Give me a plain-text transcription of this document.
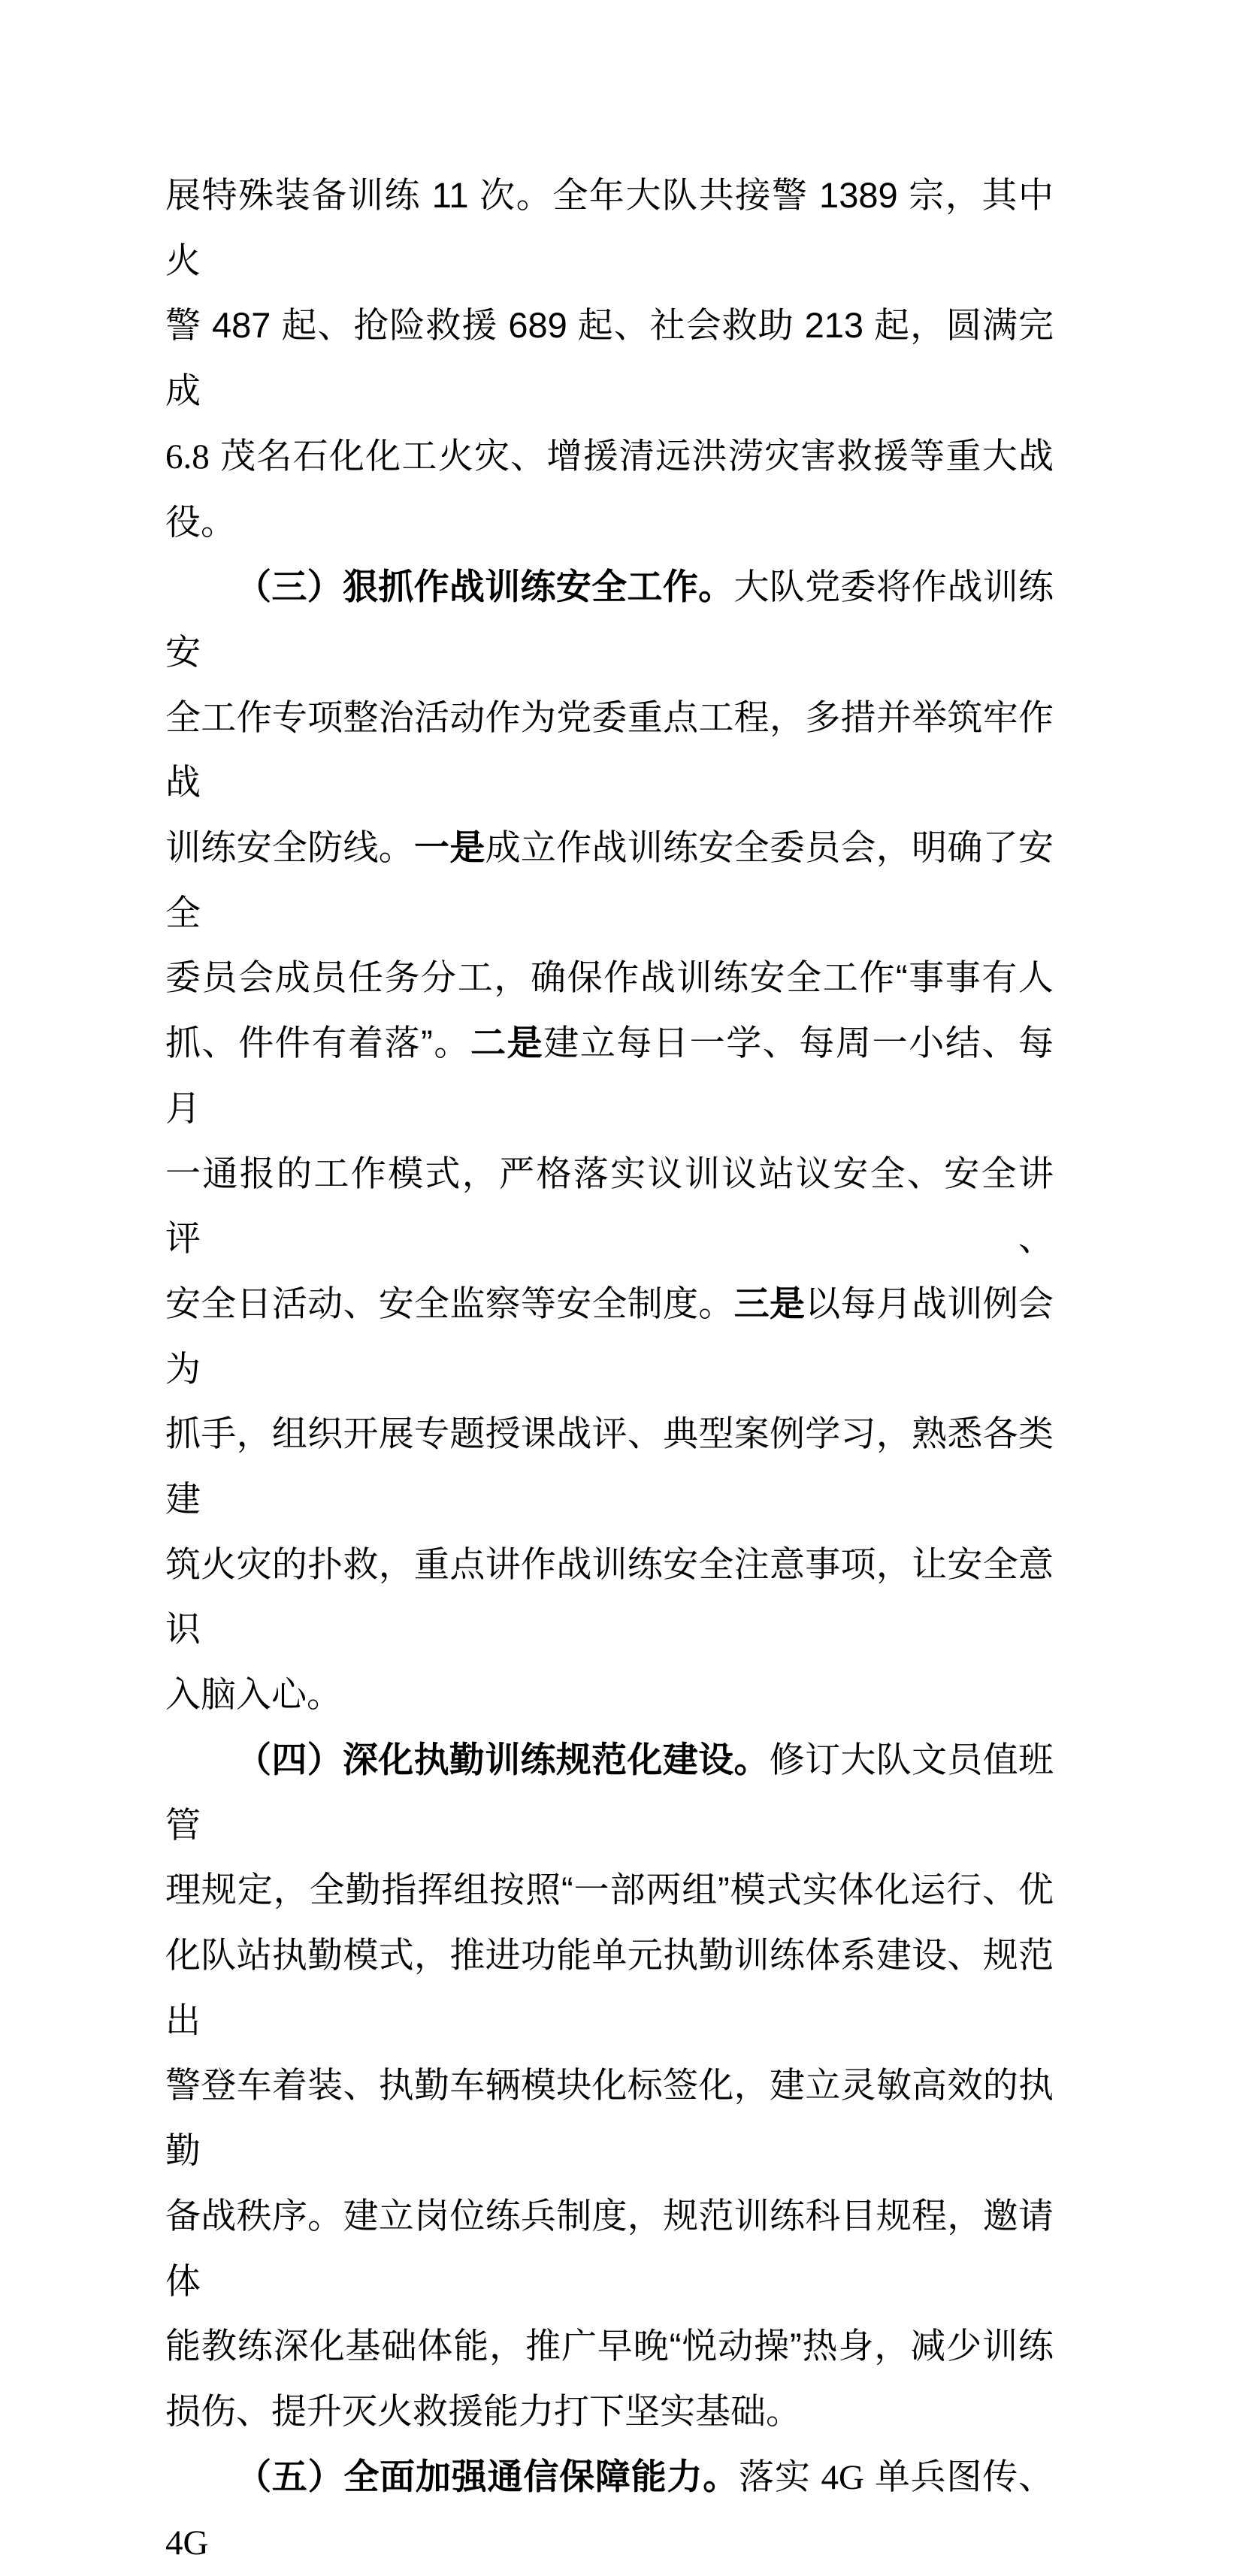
展特殊装备训练 11 次。全年大队共接警 1389 宗，其中火
警 487 起、抢险救援 689 起、社会救助 213 起，圆满完成
6.8 茂名石化化工火灾、增援清远洪涝灾害救援等重大战
役。
（三）狠抓作战训练安全工作。大队党委将作战训练安
全工作专项整治活动作为党委重点工程，多措并举筑牢作战
训练安全防线。一是成立作战训练安全委员会，明确了安全
委员会成员任务分工，确保作战训练安全工作“事事有人
抓、件件有着落”。二是建立每日一学、每周一小结、每月
一通报的工作模式，严格落实议训议站议安全、安全讲评、
安全日活动、安全监察等安全制度。三是以每月战训例会为
抓手，组织开展专题授课战评、典型案例学习，熟悉各类建
筑火灾的扑救，重点讲作战训练安全注意事项，让安全意识
入脑入心。
（四）深化执勤训练规范化建设。修订大队文员值班管
理规定，全勤指挥组按照“一部两组”模式实体化运行、优
化队站执勤模式，推进功能单元执勤训练体系建设、规范出
警登车着装、执勤车辆模块化标签化，建立灵敏高效的执勤
备战秩序。建立岗位练兵制度，规范训练科目规程，邀请体
能教练深化基础体能，推广早晚“悦动操”热身，减少训练
损伤、提升灭火救援能力打下坚实基础。
（五）全面加强通信保障能力。落实 4G 单兵图传、4G
